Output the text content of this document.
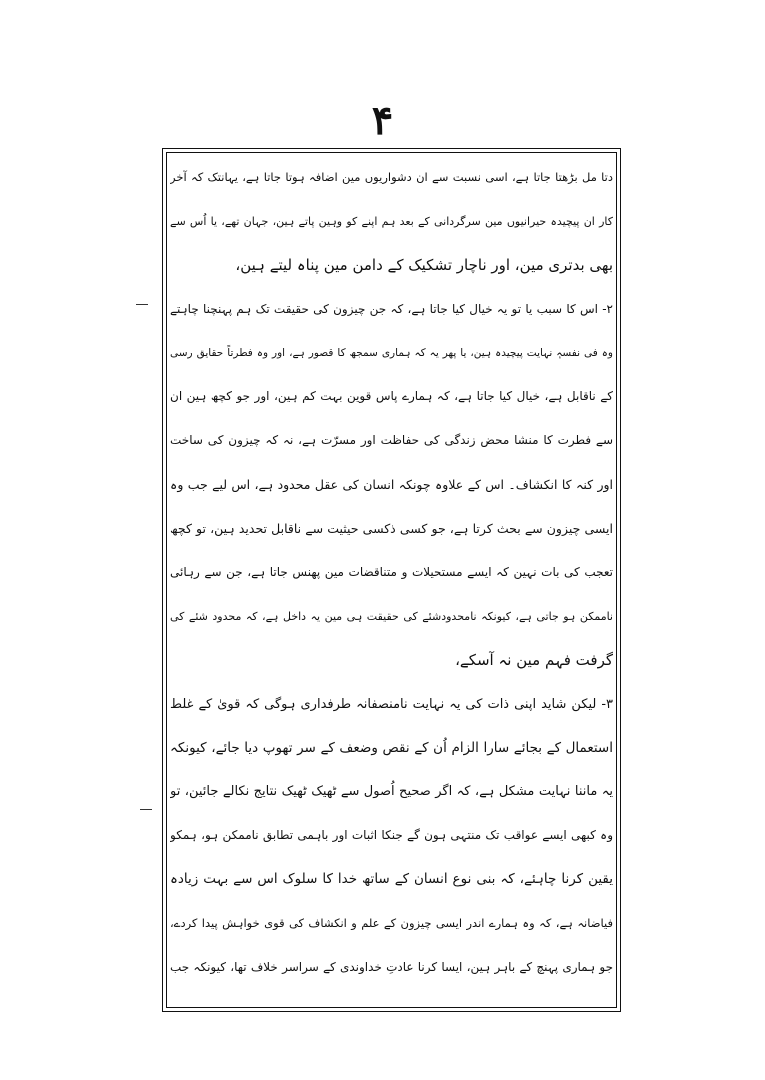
۴
دتا مل بڑھتا جاتا ہے، اسی نسبت سے ان دشواریوں مین اضافہ ہوتا جاتا ہے، یہانتک کہ آخر
کار ان پیچیدہ حیرانیوں مین سرگردانی کے بعد ہم اپنے کو وہین پاتے ہین، جہان تھے، یا اُس سے
بھی بدتری مین، اور ناچار تشکیک کے دامن مین پناہ لیتے ہین،
۲- اس کا سبب یا تو یہ خیال کیا جاتا ہے، کہ جن چیزون کی حقیقت تک ہم پہنچنا چاہتے
وہ فی نفسہٖ نہایت پیچیدہ ہین، یا پھر یہ کہ ہماری سمجھ کا قصور ہے، اور وہ فطرتاً حقایق رسی
کے ناقابل ہے، خیال کیا جاتا ہے، کہ ہمارے پاس قوین بہت کم ہین، اور جو کچھ ہین ان
سے فطرت کا منشا محض زندگی کی حفاظت اور مسرّت ہے، نہ کہ چیزون کی ساخت
اور کنہ کا انکشاف۔ اس کے علاوہ چونکہ انسان کی عقل محدود ہے، اس لیے جب وہ
ایسی چیزون سے بحث کرتا ہے، جو کسی ذکسی حیثیت سے ناقابل تحدید ہین، تو کچھ
تعجب کی بات نہین کہ ایسے مستحیلات و متناقضات مین پھنس جاتا ہے، جن سے رہائی
ناممکن ہو جاتی ہے، کیونکہ نامحدودشئے کی حقیقت ہی مین یہ داخل ہے، کہ محدود شئے کی
گرفت فہم مین نہ آسکے،
۳- لیکن شاید اپنی ذات کی یہ نہایت نامنصفانہ طرفداری ہوگی کہ قویٰ کے غلط
استعمال کے بجائے سارا الزام اُن کے نقص وضعف کے سر تھوپ دیا جائے، کیونکہ
یہ ماننا نہایت مشکل ہے، کہ اگر صحیح اُصول سے ٹھیک ٹھیک نتایج نکالے جائین، تو
وہ کبھی ایسے عواقب تک منتہی ہون گے جنکا اثبات اور باہمی تطابق ناممکن ہو، ہمکو
یقین کرنا چاہئے، کہ بنی نوع انسان کے ساتھ خدا کا سلوک اس سے بہت زیادہ
فیاضانہ ہے، کہ وہ ہمارے اندر ایسی چیزون کے علم و انکشاف کی قوی خواہش پیدا کردے،
جو ہماری پہنچ کے باہر ہین، ایسا کرنا عادتِ خداوندی کے سراسر خلاف تھا، کیونکہ جب
